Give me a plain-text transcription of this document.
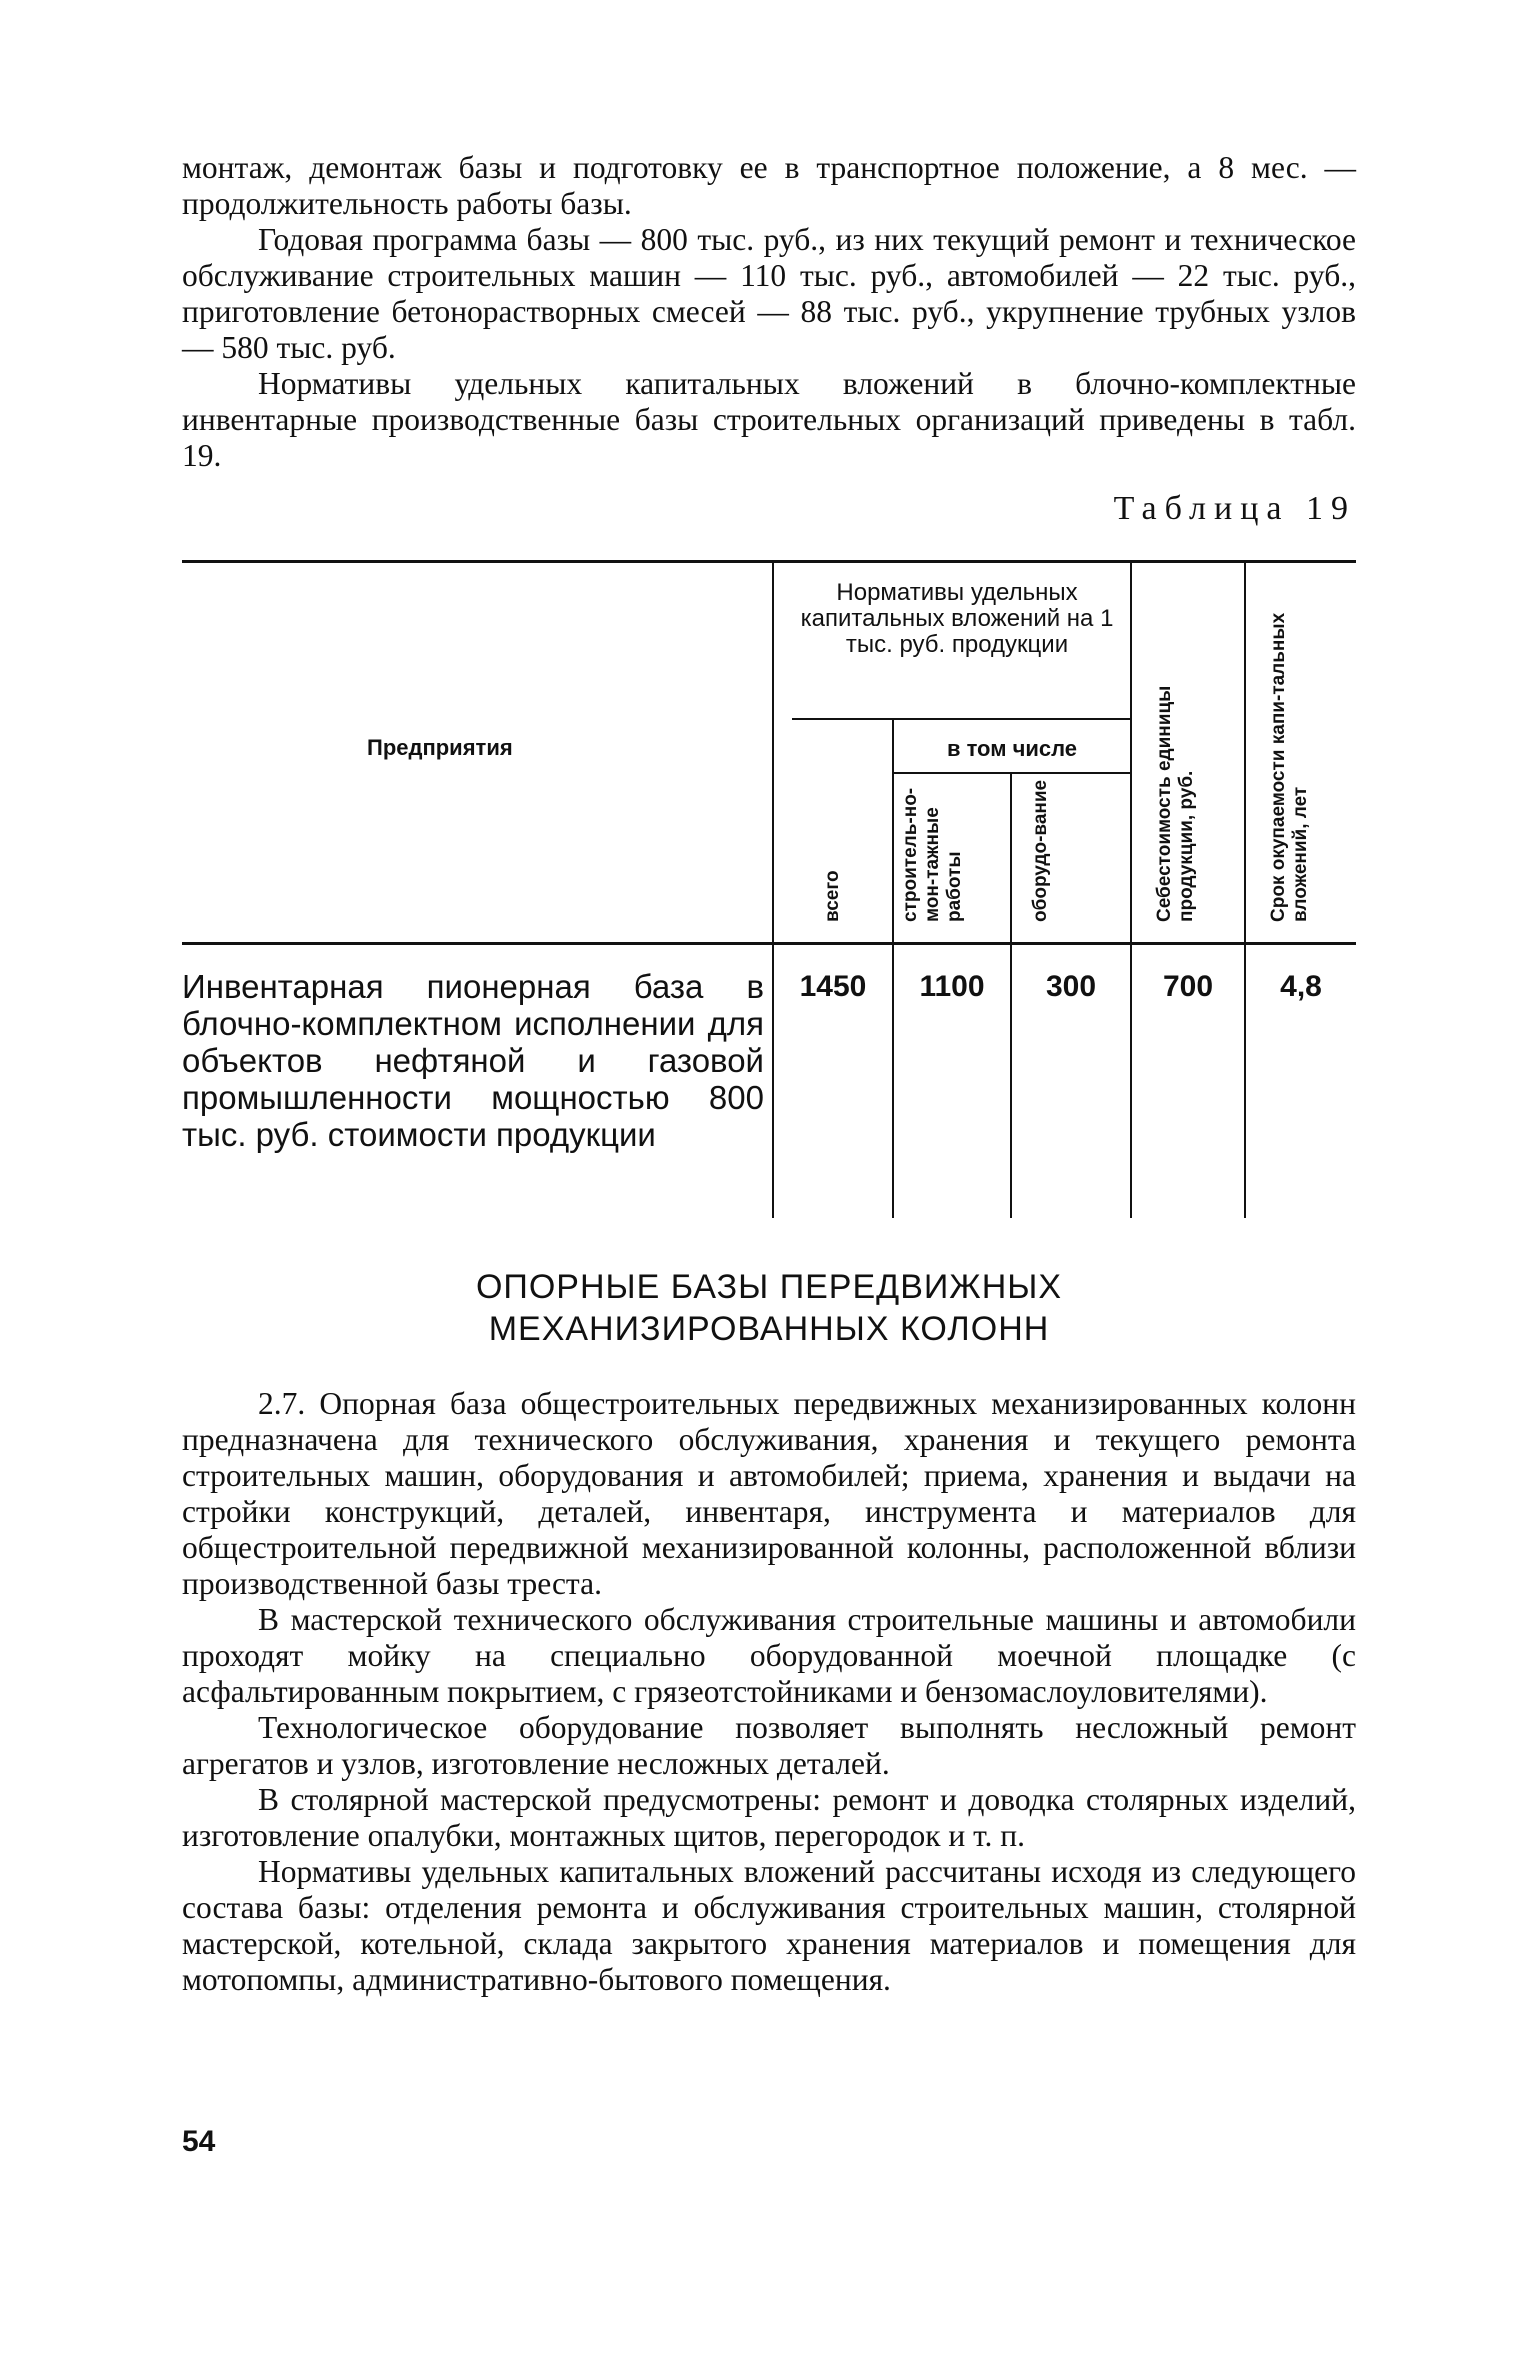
монтаж, демонтаж базы и подготовку ее в транспортное положение, а 8 мес. — продолжительность работы базы.

Годовая программа базы — 800 тыс. руб., из них текущий ремонт и техническое обслуживание строительных машин — 110 тыс. руб., автомобилей — 22 тыс. руб., приготовление бетонорастворных смесей — 88 тыс. руб., укрупнение трубных узлов — 580 тыс. руб.

Нормативы удельных капитальных вложений в блочно-комплектные инвентарные производственные базы строительных организаций приведены в табл. 19.

Таблица 19
Предприятия
Нормативы удельных капитальных вложений на 1 тыс. руб. продукции
в том числе
всего	строитель-но-мон-тажные работы	оборудо-вание	Себестоимость единицы продукции, руб.	Срок окупаемости капи-тальных вложений, лет
Инвентарная пионерная база в блочно-комплектном исполнении для объектов нефтяной и газовой промышленности мощностью 800 тыс. руб. стоимости продукции
1450	1100	300	700	4,8
ОПОРНЫЕ БАЗЫ ПЕРЕДВИЖНЫХ
МЕХАНИЗИРОВАННЫХ КОЛОНН

2.7. Опорная база общестроительных передвижных механизированных колонн предназначена для технического обслуживания, хранения и текущего ремонта строительных машин, оборудования и автомобилей; приема, хранения и выдачи на стройки конструкций, деталей, инвентаря, инструмента и материалов для общестроительной передвижной механизированной колонны, расположенной вблизи производственной базы треста.

В мастерской технического обслуживания строительные машины и автомобили проходят мойку на специально оборудованной моечной площадке (с асфальтированным покрытием, с грязеотстойниками и бензомаслоуловителями).

Технологическое оборудование позволяет выполнять несложный ремонт агрегатов и узлов, изготовление несложных деталей.

В столярной мастерской предусмотрены: ремонт и доводка столярных изделий, изготовление опалубки, монтажных щитов, перегородок и т. п.

Нормативы удельных капитальных вложений рассчитаны исходя из следующего состава базы: отделения ремонта и обслуживания строительных машин, столярной мастерской, котельной, склада закрытого хранения материалов и помещения для мотопомпы, административно-бытового помещения.

54
